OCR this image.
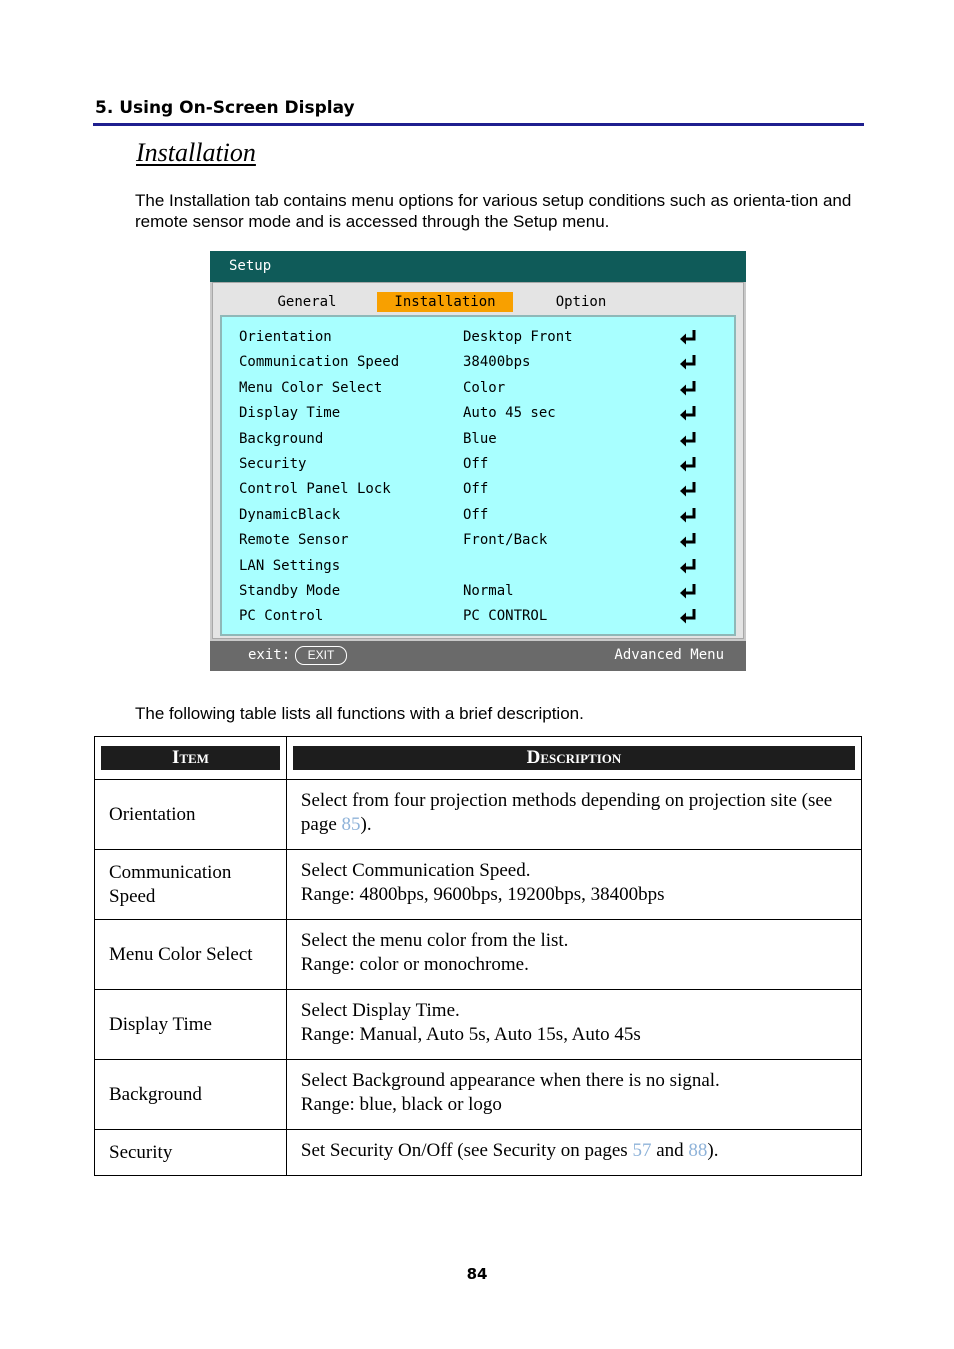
5. Using On-Screen Display
Installation

The Installation tab contains menu options for various setup conditions such as orienta-tion and remote sensor mode and is accessed through the Setup menu.

Setup
General	Installation	Option
Orientation	Desktop Front
Communication Speed	38400bps
Menu Color Select	Color
Display Time	Auto 45 sec
Background	Blue
Security	Off
Control Panel Lock	Off
DynamicBlack	Off
Remote Sensor	Front/Back
LAN Settings
Standby Mode	Normal
PC Control	PC CONTROL
exit:	EXIT	Advanced Menu

The following table lists all functions with a brief description.

Item	Description

Orientation	Select from four projection methods depending on projection site (see page 85).
Communication Speed	Select Communication Speed.
Range: 4800bps, 9600bps, 19200bps, 38400bps

Menu Color Select	Select the menu color from the list.
Range: color or monochrome.

Display Time	Select Display Time.
Range: Manual, Auto 5s, Auto 15s, Auto 45s

Background	Select Background appearance when there is no signal.
Range: blue, black or logo

Security	Set Security On/Off (see Security on pages 57 and 88).
84
